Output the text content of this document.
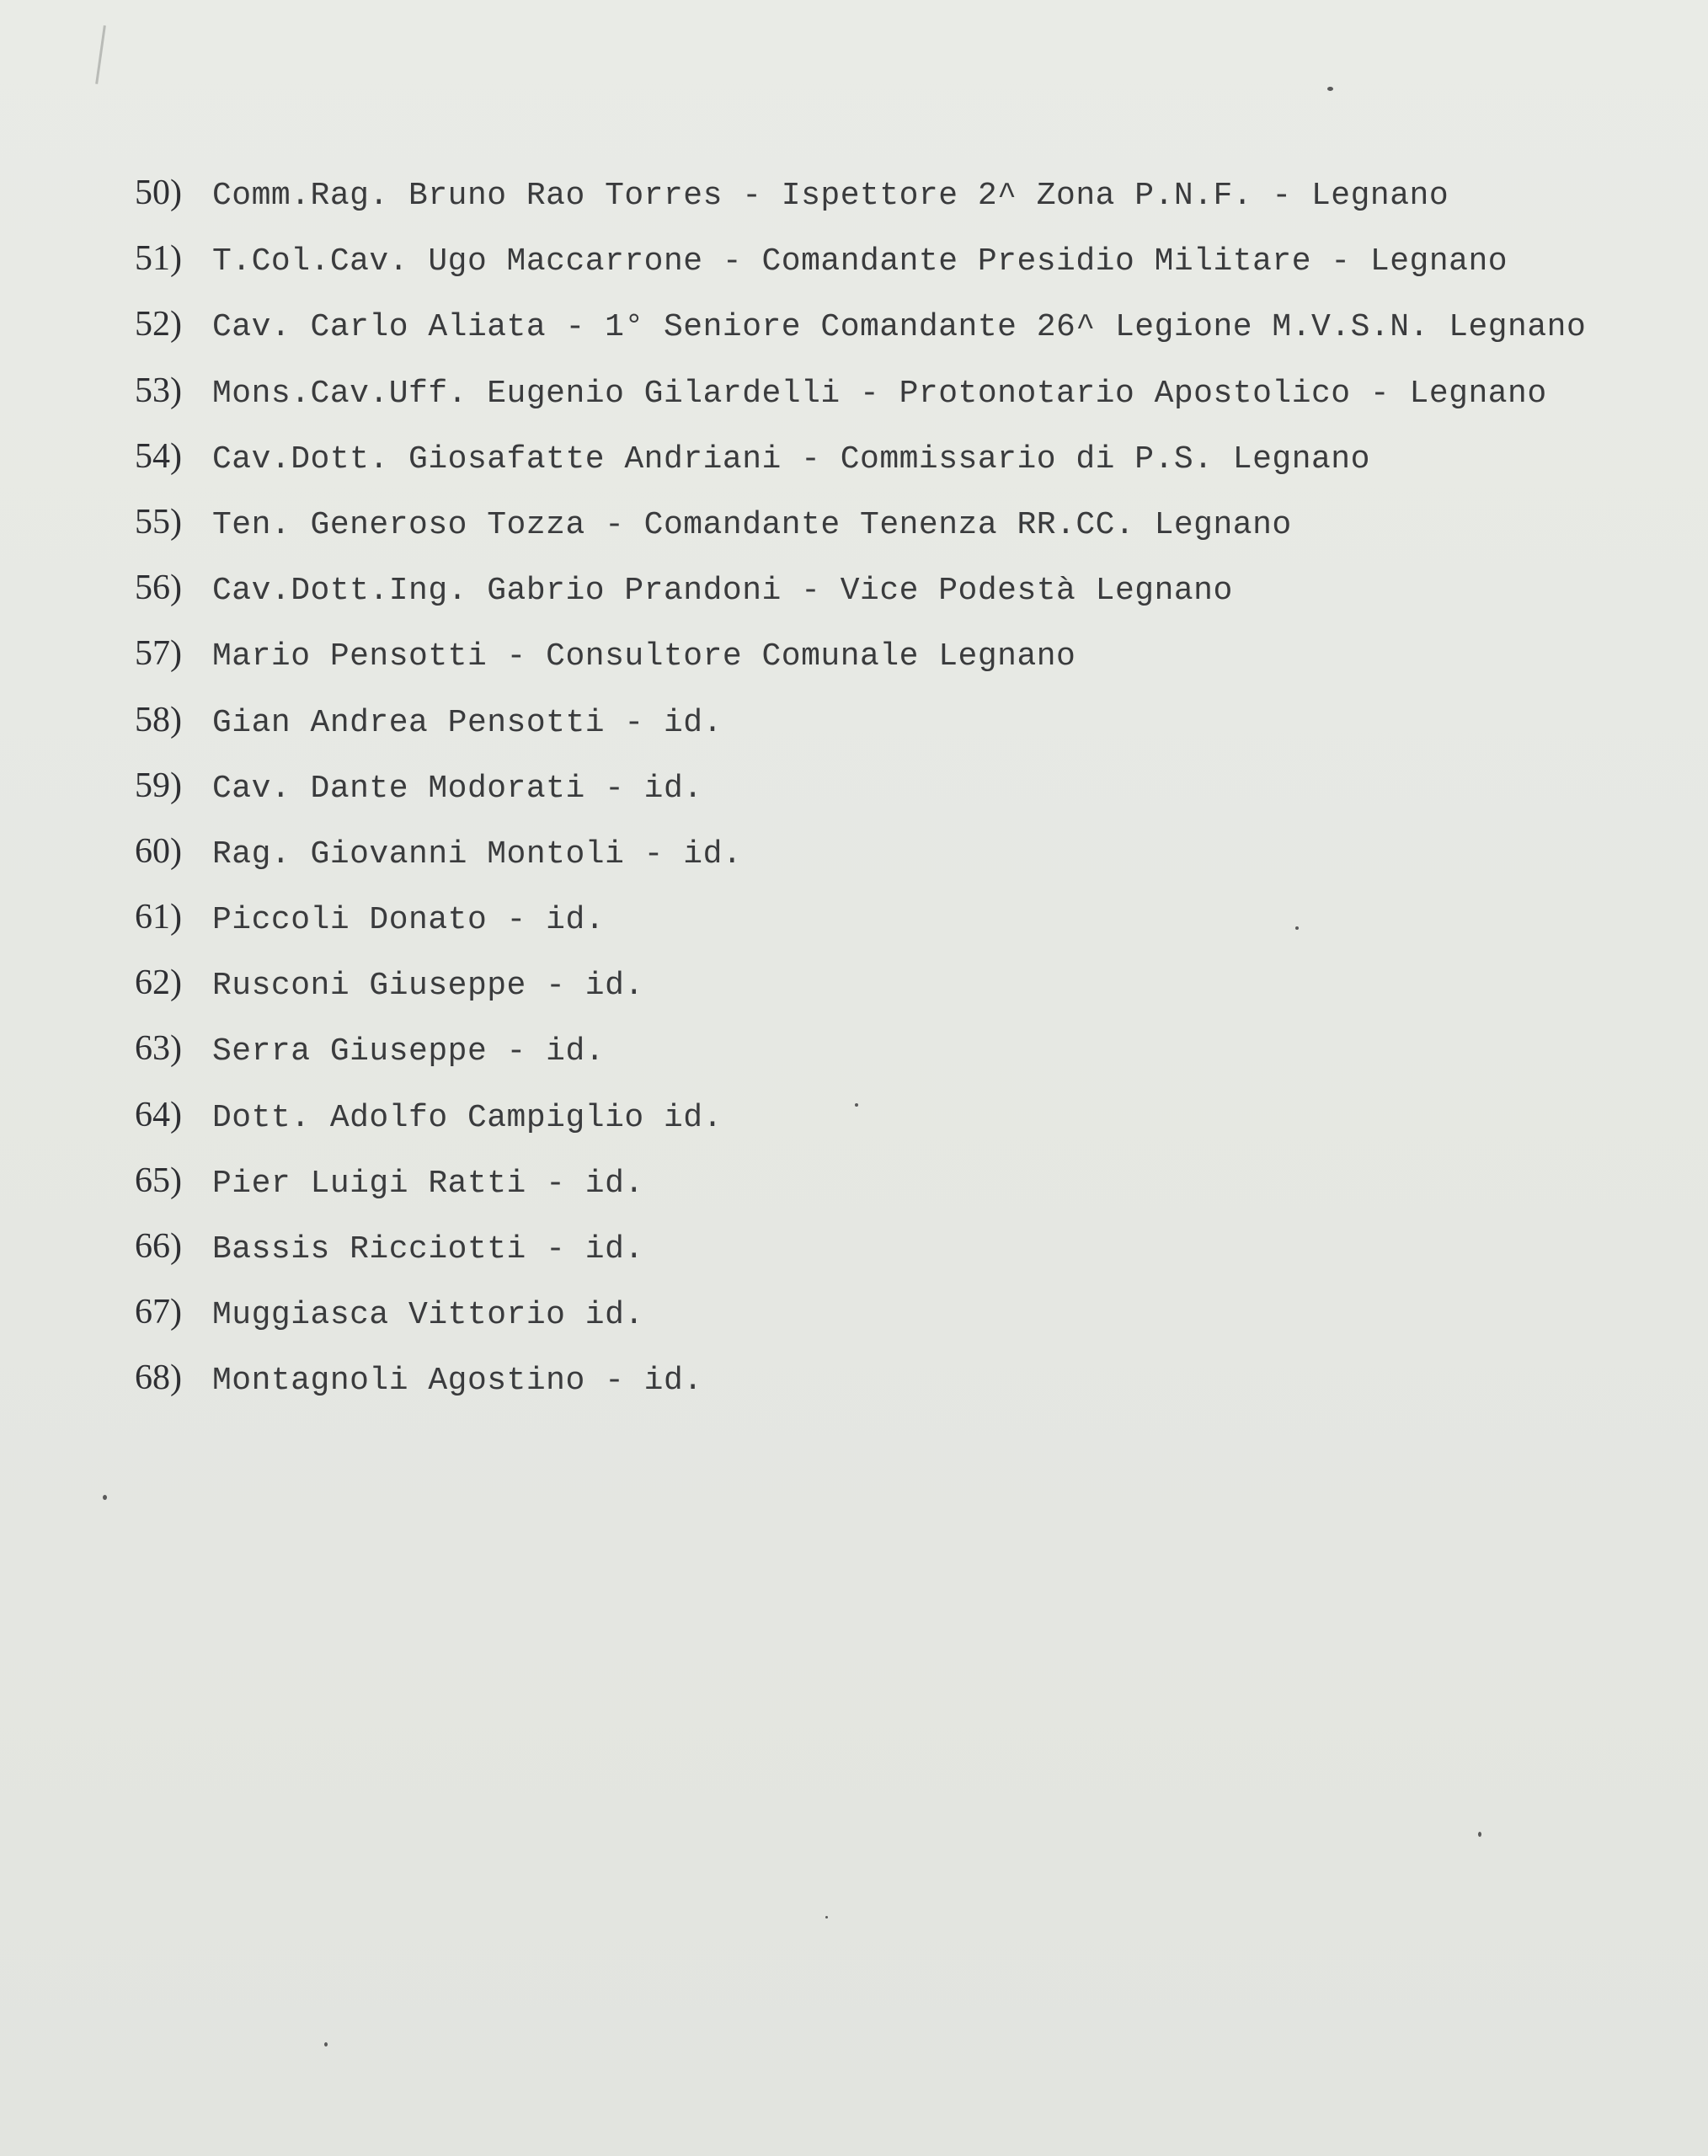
50) Comm.Rag. Bruno Rao Torres - Ispettore 2^ Zona P.N.F. - Legnano
51) T.Col.Cav. Ugo Maccarrone - Comandante Presidio Militare - Legnano
52) Cav. Carlo Aliata - 1° Seniore Comandante 26^ Legione M.V.S.N. Legnano
53) Mons.Cav.Uff. Eugenio Gilardelli - Protonotario Apostolico - Legnano
54) Cav.Dott. Giosafatte Andriani - Commissario di P.S. Legnano
55) Ten. Generoso Tozza - Comandante Tenenza RR.CC. Legnano
56) Cav.Dott.Ing. Gabrio Prandoni - Vice Podestà Legnano
57) Mario Pensotti - Consultore Comunale Legnano
58) Gian Andrea Pensotti - id.
59) Cav. Dante Modorati - id.
60) Rag. Giovanni Montoli - id.
61) Piccoli Donato - id.
62) Rusconi Giuseppe - id.
63) Serra Giuseppe - id.
64) Dott. Adolfo Campiglio id.
65) Pier Luigi Ratti - id.
66) Bassis Ricciotti - id.
67) Muggiasca Vittorio id.
68) Montagnoli Agostino - id.
